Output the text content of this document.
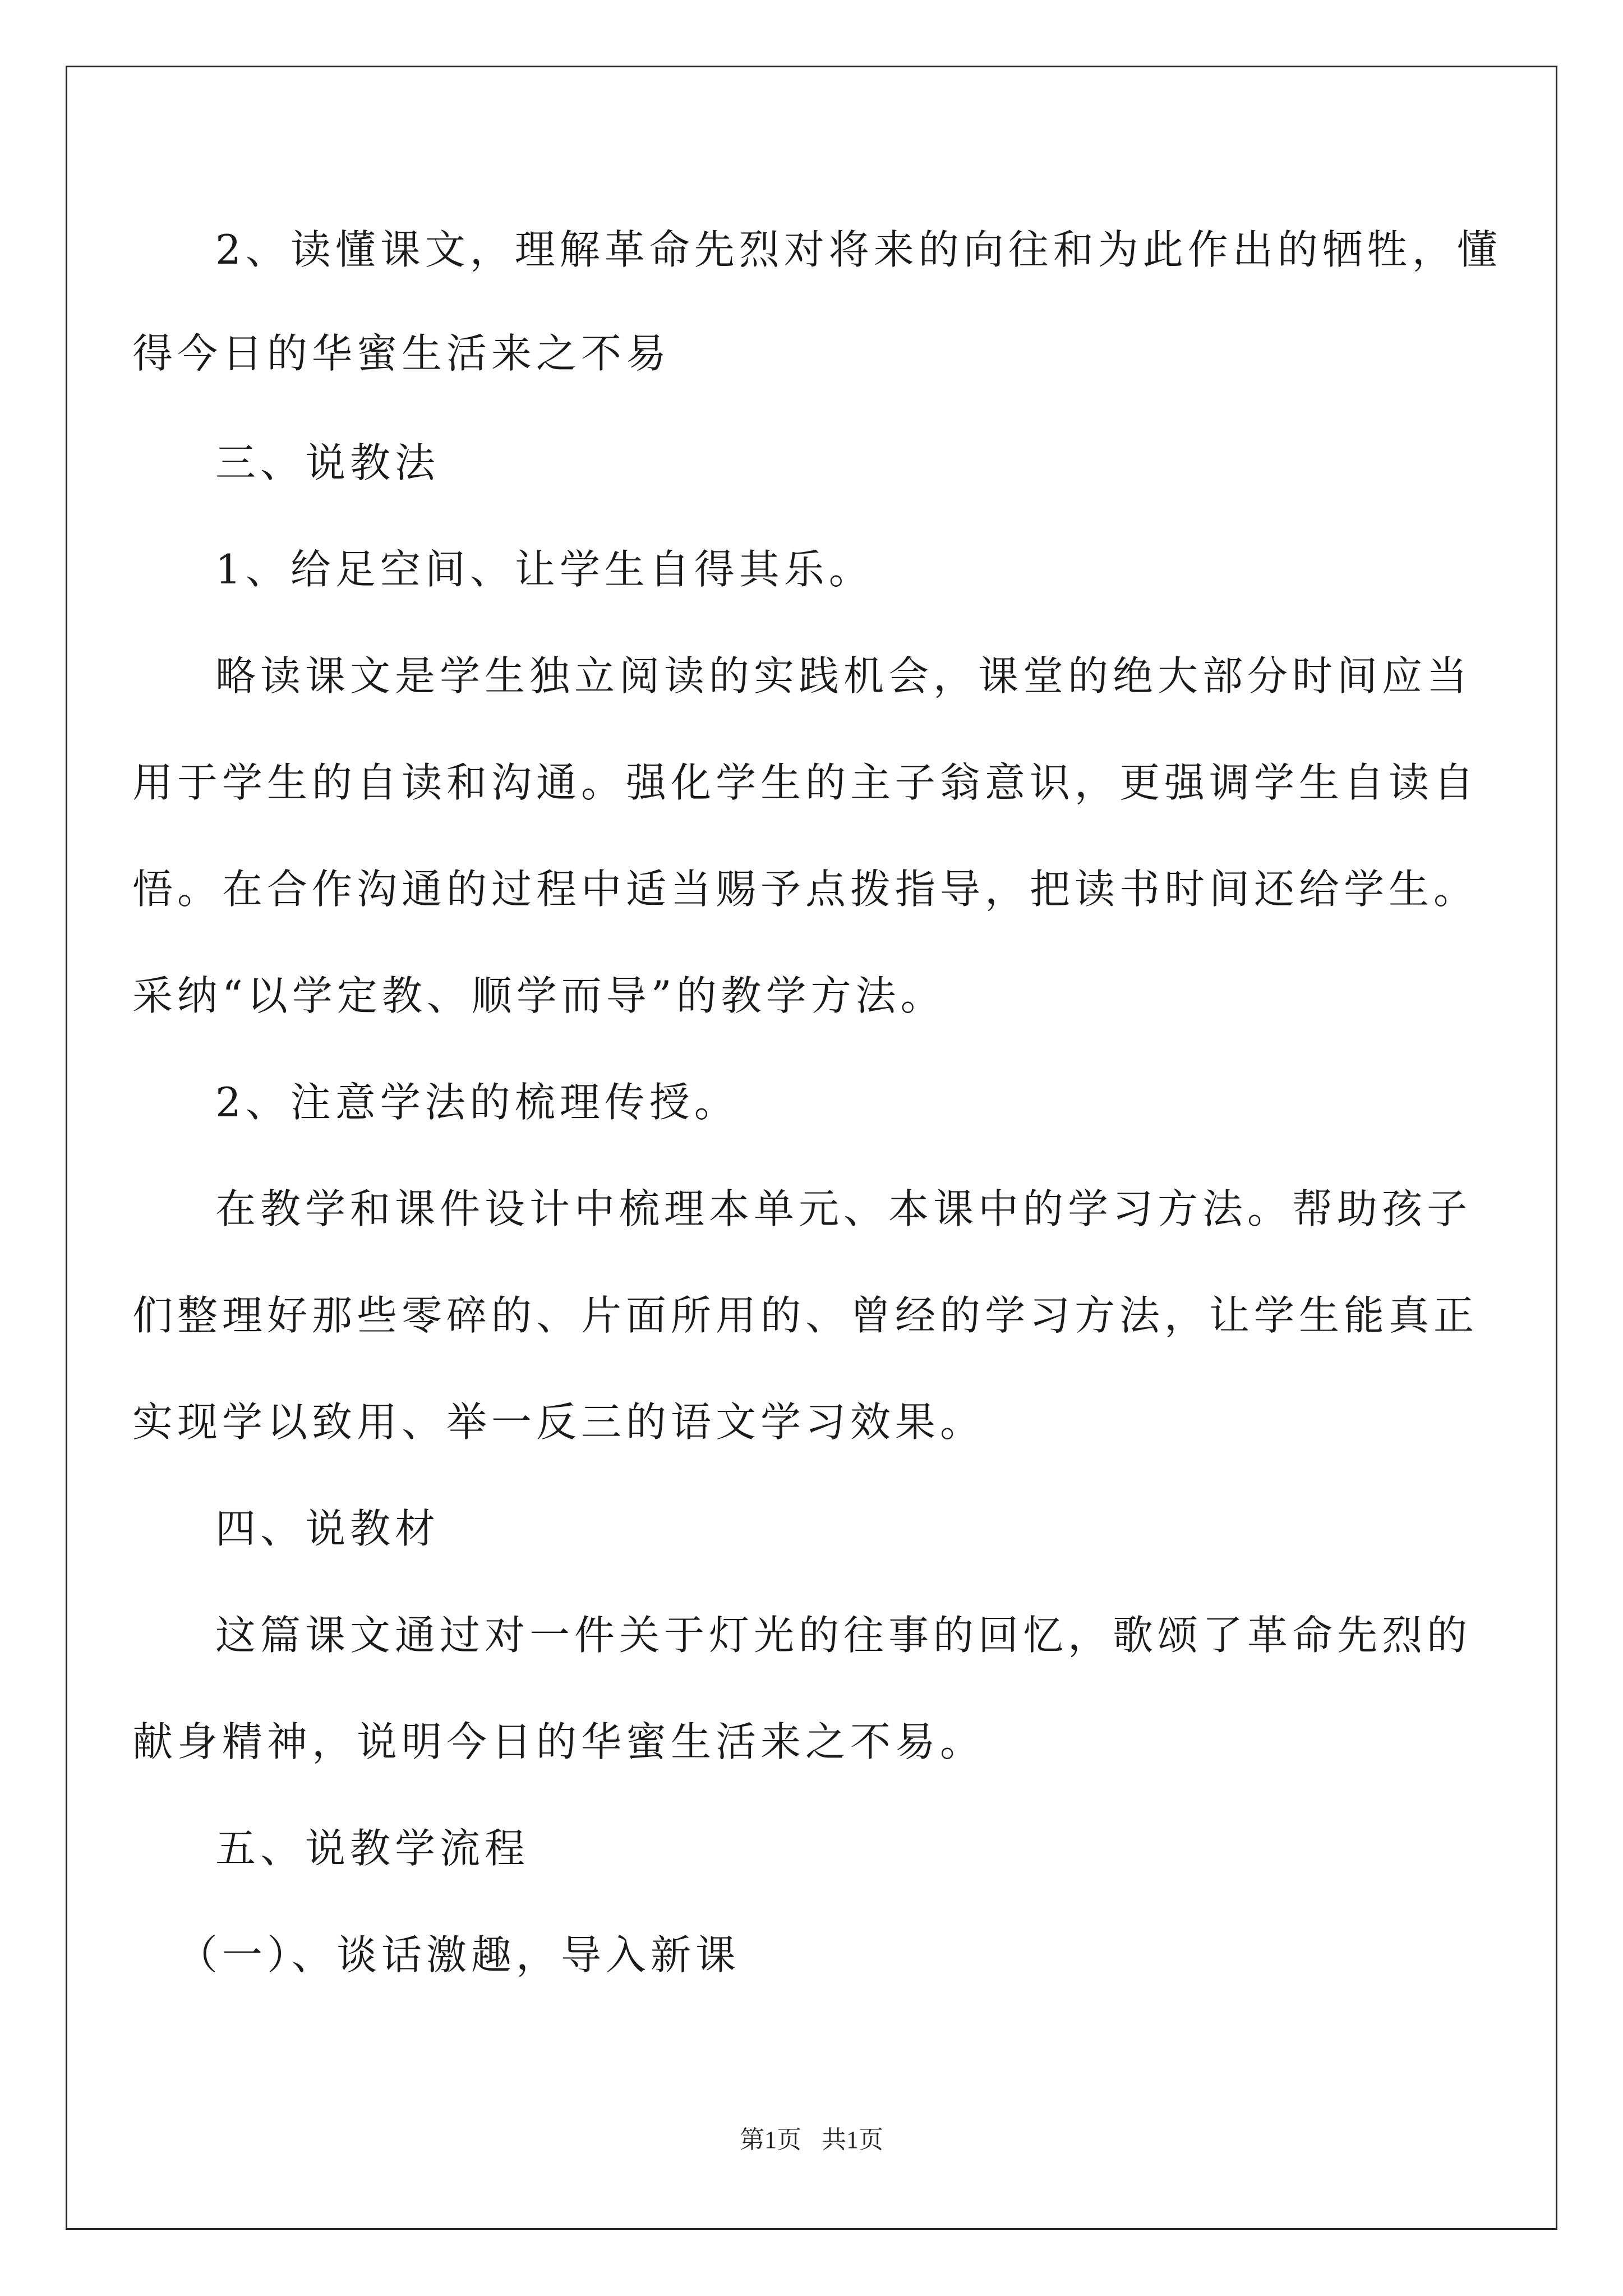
2、读懂课文，理解革命先烈对将来的向往和为此作出的牺牲，懂
得今日的华蜜生活来之不易
三、说教法
1、给足空间、让学生自得其乐。
略读课文是学生独立阅读的实践机会，课堂的绝大部分时间应当
用于学生的自读和沟通。强化学生的主子翁意识，更强调学生自读自
悟。在合作沟通的过程中适当赐予点拨指导，把读书时间还给学生。
采纳“以学定教、顺学而导”的教学方法。
2、注意学法的梳理传授。
在教学和课件设计中梳理本单元、本课中的学习方法。帮助孩子
们整理好那些零碎的、片面所用的、曾经的学习方法，让学生能真正
实现学以致用、举一反三的语文学习效果。
四、说教材
这篇课文通过对一件关于灯光的往事的回忆，歌颂了革命先烈的
献身精神，说明今日的华蜜生活来之不易。
五、说教学流程
（一）、谈话激趣，导入新课
第1页 共1页
